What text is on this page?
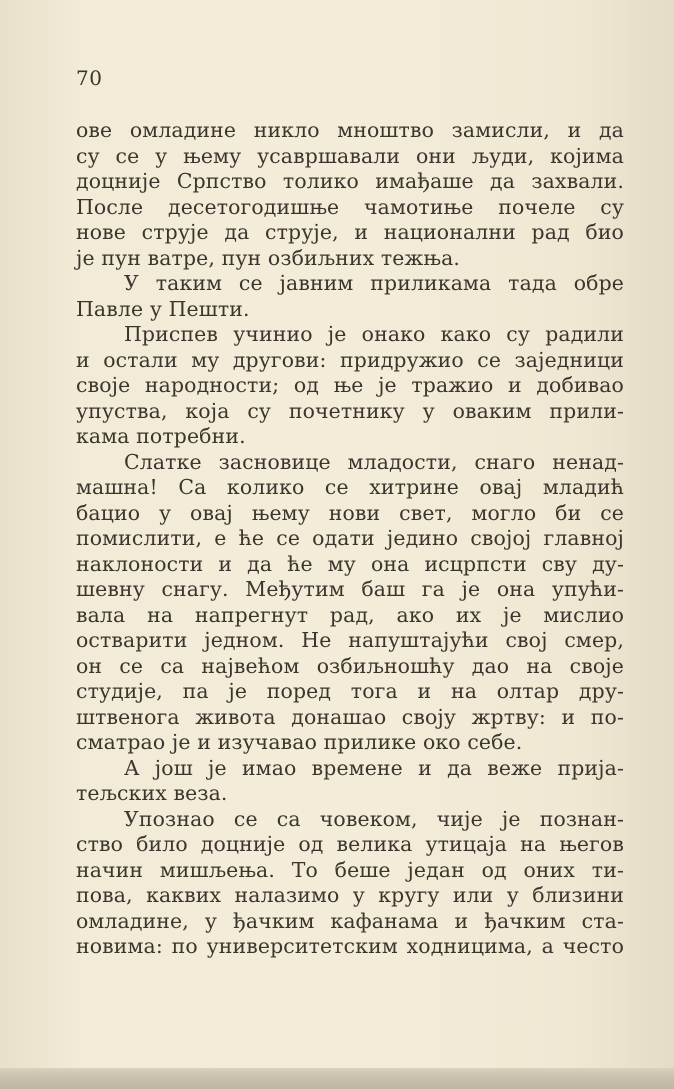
70
ове омладине никло мноштво замисли, и да
су се у њему усавршавали они људи, којима
доцније Српство толико имађаше да захвали.
После десетогодишње чамотиње почеле су
нове струје да струје, и национални рад био
је пун ватре, пун озбиљних тежња.
У таким се јавним приликама тада обре
Павле у Пешти.
Приспев учинио је онако како су радили
и остали му другови: придружио се заједници
своје народности; од ње је тражио и добивао
упуства, која су почетнику у оваким прили-
кама потребни.
Слатке засновице младости, снаго ненад-
машна! Са колико се хитрине овај младић
бацио у овај њему нови свет, могло би се
помислити, е ће се одати једино својој главној
наклоности и да ће му она исцрпсти сву ду-
шевну снагу. Међутим баш га је она упући-
вала на напрегнут рад, ако их је мислио
остварити једном. Не напуштајући свој смер,
он се са највећом озбиљношћу дао на своје
студије, па је поред тога и на олтар дру-
штвенога живота донашао своју жртву: и по-
сматрао је и изучавао прилике око себе.
А још је имао времене и да веже прија-
тељских веза.
Упознао се са човеком, чије је познан-
ство било доцније од велика утицаја на његов
начин мишљења. То беше један од оних ти-
пова, каквих налазимо у кругу или у близини
омладине, у ђачким кафанама и ђачким ста-
новима: по университетским ходницима, а често
